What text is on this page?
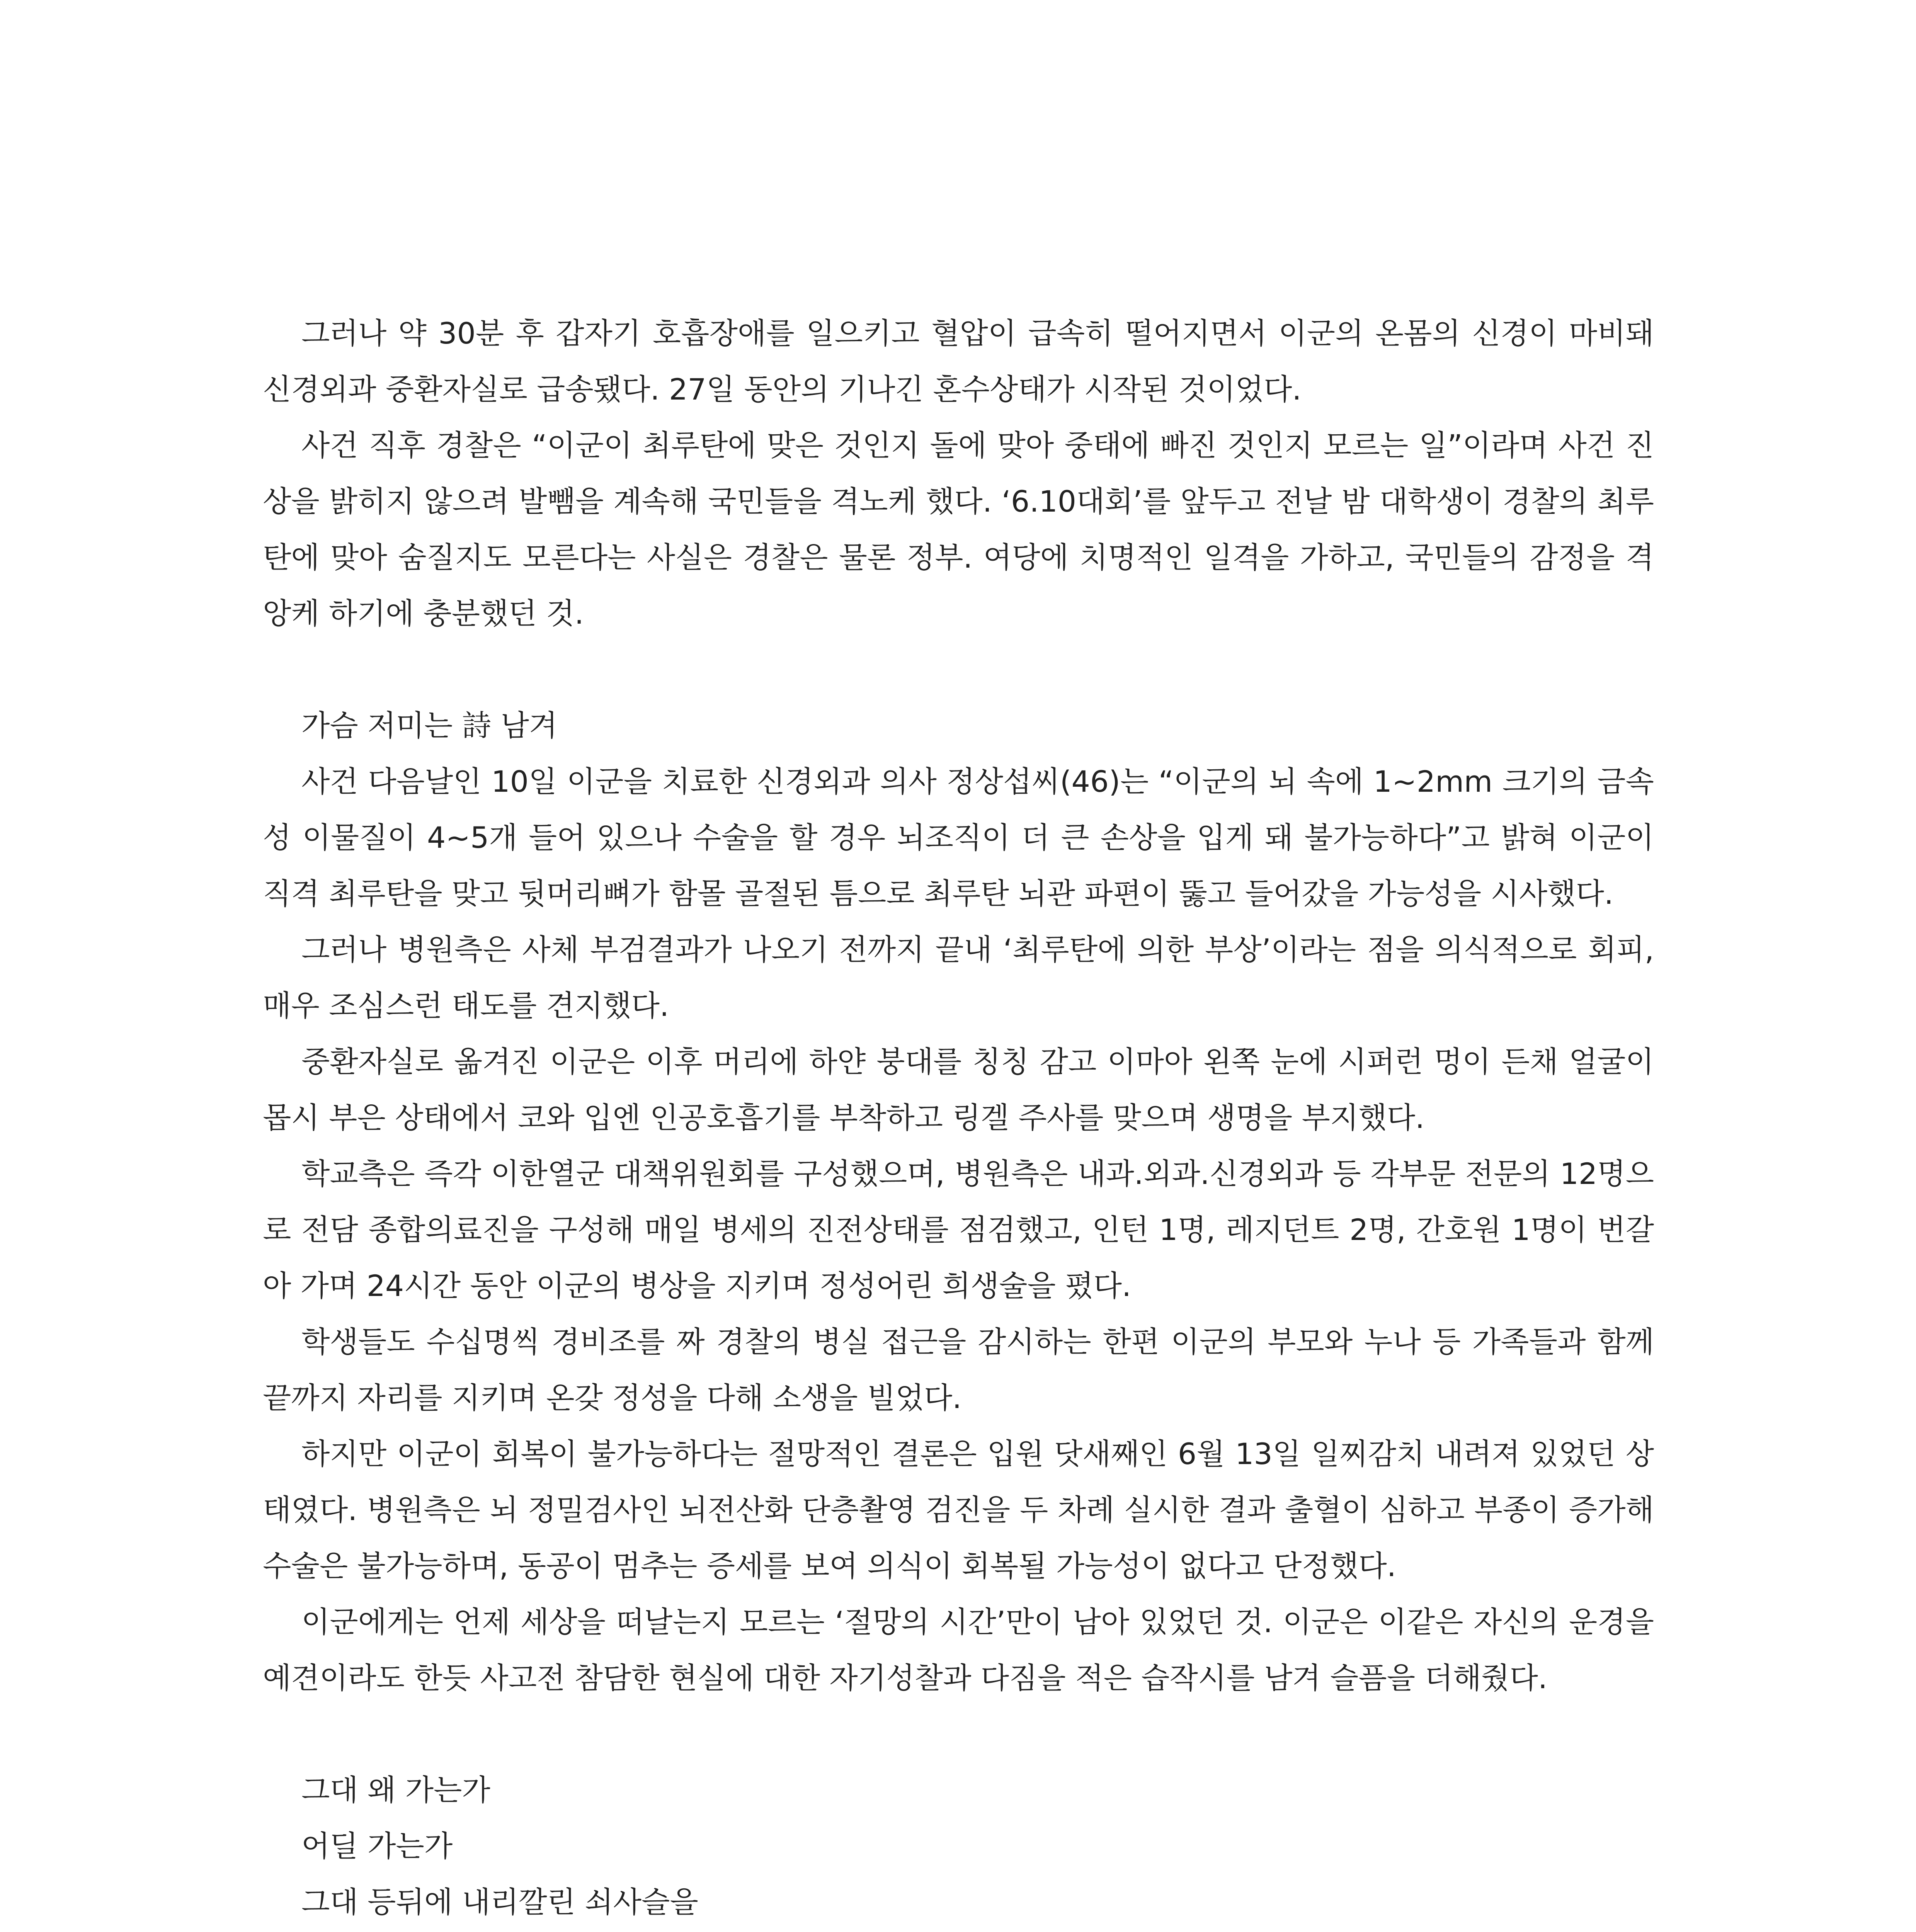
그러나 약 30분 후 갑자기 호흡장애를 일으키고 혈압이 급속히 떨어지면서 이군의 온몸의 신경이 마비돼 신경외과 중환자실로 급송됐다. 27일 동안의 기나긴 혼수상태가 시작된 것이었다.

사건 직후 경찰은 “이군이 최루탄에 맞은 것인지 돌에 맞아 중태에 빠진 것인지 모르는 일”이라며 사건 진상을 밝히지 않으려 발뺌을 계속해 국민들을 격노케 했다. ‘6.10대회’를 앞두고 전날 밤 대학생이 경찰의 최루탄에 맞아 숨질지도 모른다는 사실은 경찰은 물론 정부. 여당에 치명적인 일격을 가하고, 국민들의 감정을 격앙케 하기에 충분했던 것.

가슴 저미는 詩 남겨

사건 다음날인 10일 이군을 치료한 신경외과 의사 정상섭씨(46)는 “이군의 뇌 속에 1~2mm 크기의 금속성 이물질이 4~5개 들어 있으나 수술을 할 경우 뇌조직이 더 큰 손상을 입게 돼 불가능하다”고 밝혀 이군이 직격 최루탄을 맞고 뒷머리뼈가 함몰 골절된 틈으로 최루탄 뇌관 파편이 뚫고 들어갔을 가능성을 시사했다.

그러나 병원측은 사체 부검결과가 나오기 전까지 끝내 ‘최루탄에 의한 부상’이라는 점을 의식적으로 회피, 매우 조심스런 태도를 견지했다.

중환자실로 옮겨진 이군은 이후 머리에 하얀 붕대를 칭칭 감고 이마아 왼쪽 눈에 시퍼런 멍이 든채 얼굴이 몹시 부은 상태에서 코와 입엔 인공호흡기를 부착하고 링겔 주사를 맞으며 생명을 부지했다.

학교측은 즉각 이한열군 대책위원회를 구성했으며, 병원측은 내과.외과.신경외과 등 각부문 전문의 12명으로 전담 종합의료진을 구성해 매일 병세의 진전상태를 점검했고, 인턴 1명, 레지던트 2명, 간호원 1명이 번갈아 가며 24시간 동안 이군의 병상을 지키며 정성어린 희생술을 폈다.

학생들도 수십명씩 경비조를 짜 경찰의 병실 접근을 감시하는 한편 이군의 부모와 누나 등 가족들과 함께 끝까지 자리를 지키며 온갖 정성을 다해 소생을 빌었다.

하지만 이군이 회복이 불가능하다는 절망적인 결론은 입원 닷새째인 6월 13일 일찌감치 내려져 있었던 상태였다. 병원측은 뇌 정밀검사인 뇌전산화 단층촬영 검진을 두 차례 실시한 결과 출혈이 심하고 부종이 증가해 수술은 불가능하며, 동공이 멈추는 증세를 보여 의식이 회복될 가능성이 없다고 단정했다.

이군에게는 언제 세상을 떠날는지 모르는 ‘절망의 시간’만이 남아 있었던 것. 이군은 이같은 자신의 운경을 예견이라도 한듯 사고전 참담한 현실에 대한 자기성찰과 다짐을 적은 습작시를 남겨 슬픔을 더해줬다.

그대 왜 가는가

어딜 가는가

그대 등뒤에 내리깔린 쇠사슬을
